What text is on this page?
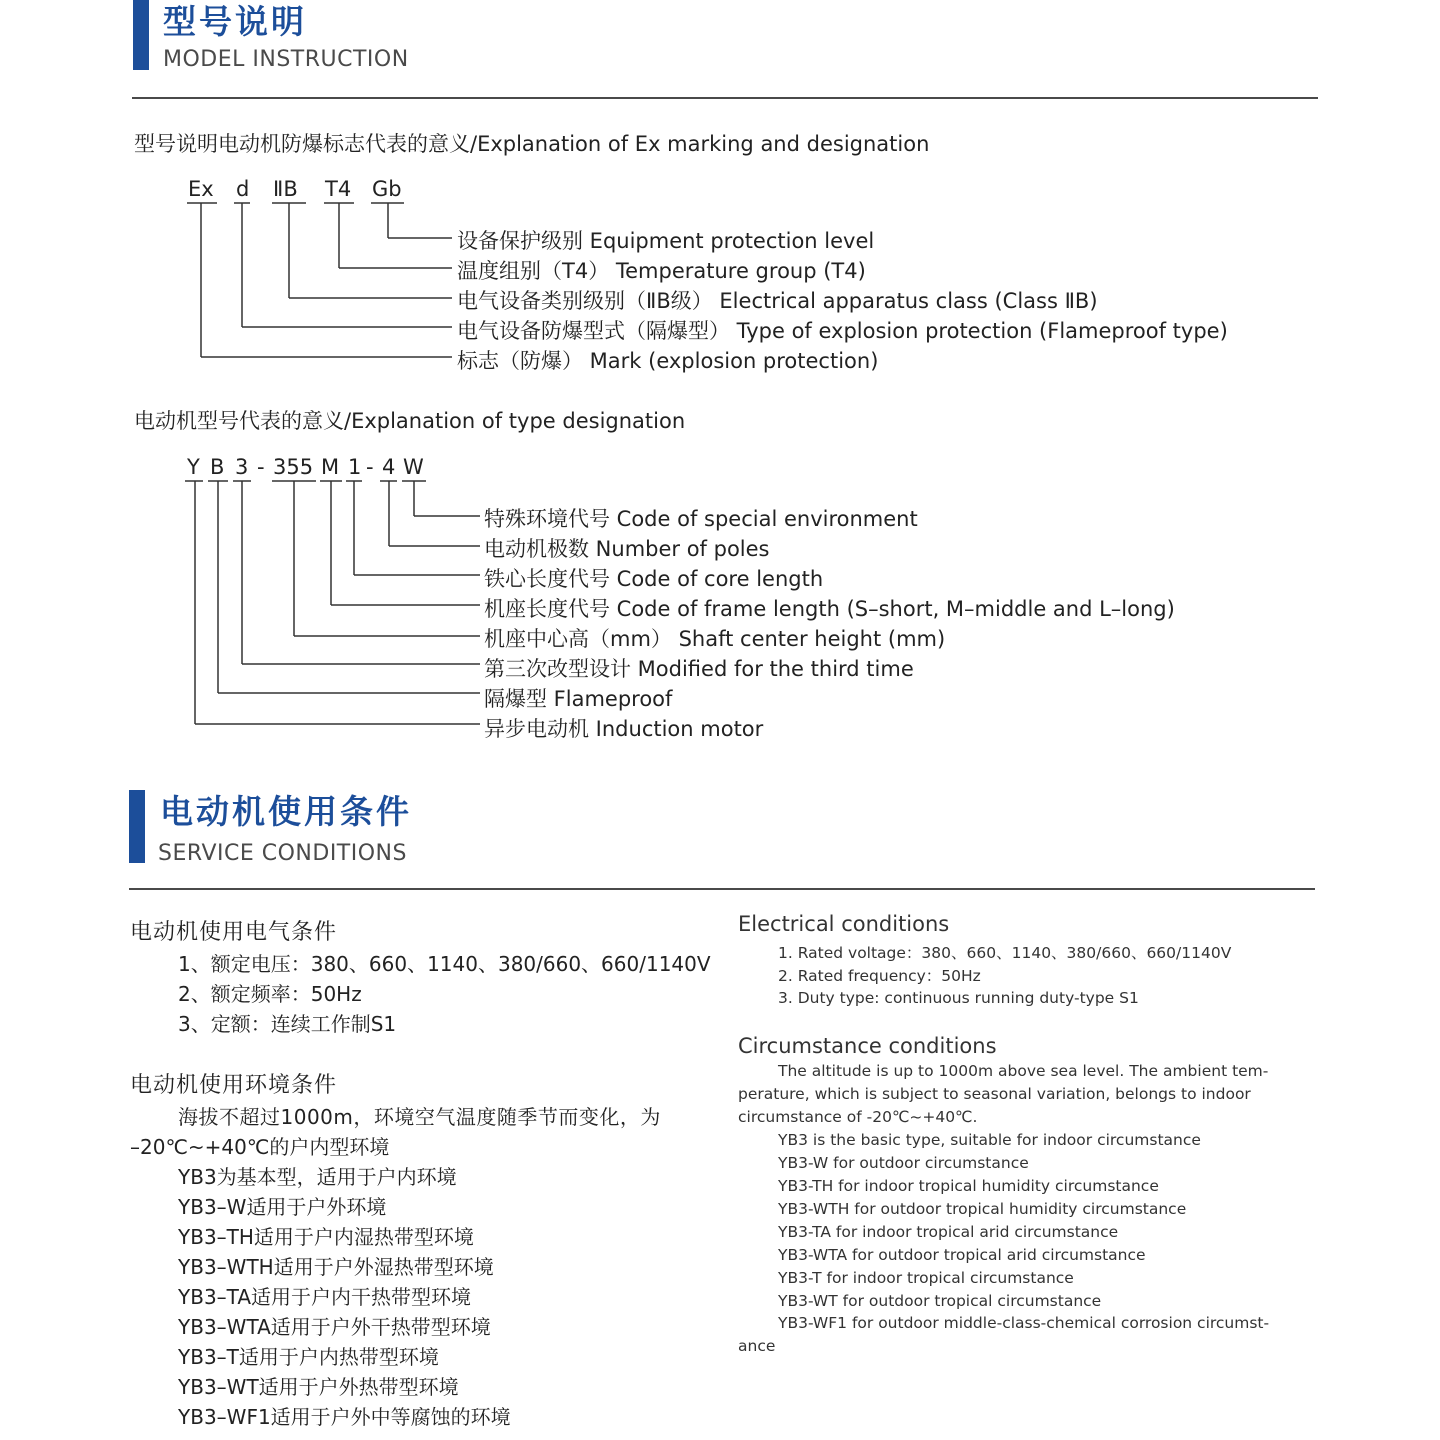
型号说明
MODEL INSTRUCTION
型号说明电动机防爆标志代表的意义/Explanation of Ex marking and designation
Ex d ⅡB T4 Gb
设备保护级别 Equipment protection level
温度组别（T4） Temperature group (T4)
电气设备类别级别（ⅡB级） Electrical apparatus class (Class ⅡB)
电气设备防爆型式（隔爆型） Type of explosion protection (Flameproof type)
标志（防爆） Mark (explosion protection)
电动机型号代表的意义/Explanation of type designation
Y B 3 - 355 M 1 - 4 W
特殊环境代号 Code of special environment
电动机极数 Number of poles
铁心长度代号 Code of core length
机座长度代号 Code of frame length (S–short, M–middle and L–long)
机座中心高（mm） Shaft center height (mm)
第三次改型设计 Modified for the third time
隔爆型 Flameproof
异步电动机 Induction motor
电动机使用条件
SERVICE CONDITIONS
电动机使用电气条件
1、额定电压：380、660、1140、380/660、660/1140V
2、额定频率：50Hz
3、定额：连续工作制S1
电动机使用环境条件
海拔不超过1000m，环境空气温度随季节而变化，为
–20℃~+40℃的户内型环境
YB3为基本型，适用于户内环境
YB3–W适用于户外环境
YB3–TH适用于户内湿热带型环境
YB3–WTH适用于户外湿热带型环境
YB3–TA适用于户内干热带型环境
YB3–WTA适用于户外干热带型环境
YB3–T适用于户内热带型环境
YB3–WT适用于户外热带型环境
YB3–WF1适用于户外中等腐蚀的环境
Electrical conditions
1. Rated voltage：380、660、1140、380/660、660/1140V
2. Rated frequency：50Hz
3. Duty type: continuous running duty-type S1
Circumstance conditions
The altitude is up to 1000m above sea level. The ambient tem-
perature, which is subject to seasonal variation, belongs to indoor
circumstance of -20℃~+40℃.
YB3 is the basic type, suitable for indoor circumstance
YB3-W for outdoor circumstance
YB3-TH for indoor tropical humidity circumstance
YB3-WTH for outdoor tropical humidity circumstance
YB3-TA for indoor tropical arid circumstance
YB3-WTA for outdoor tropical arid circumstance
YB3-T for indoor tropical circumstance
YB3-WT for outdoor tropical circumstance
YB3-WF1 for outdoor middle-class-chemical corrosion circumst-
ance
